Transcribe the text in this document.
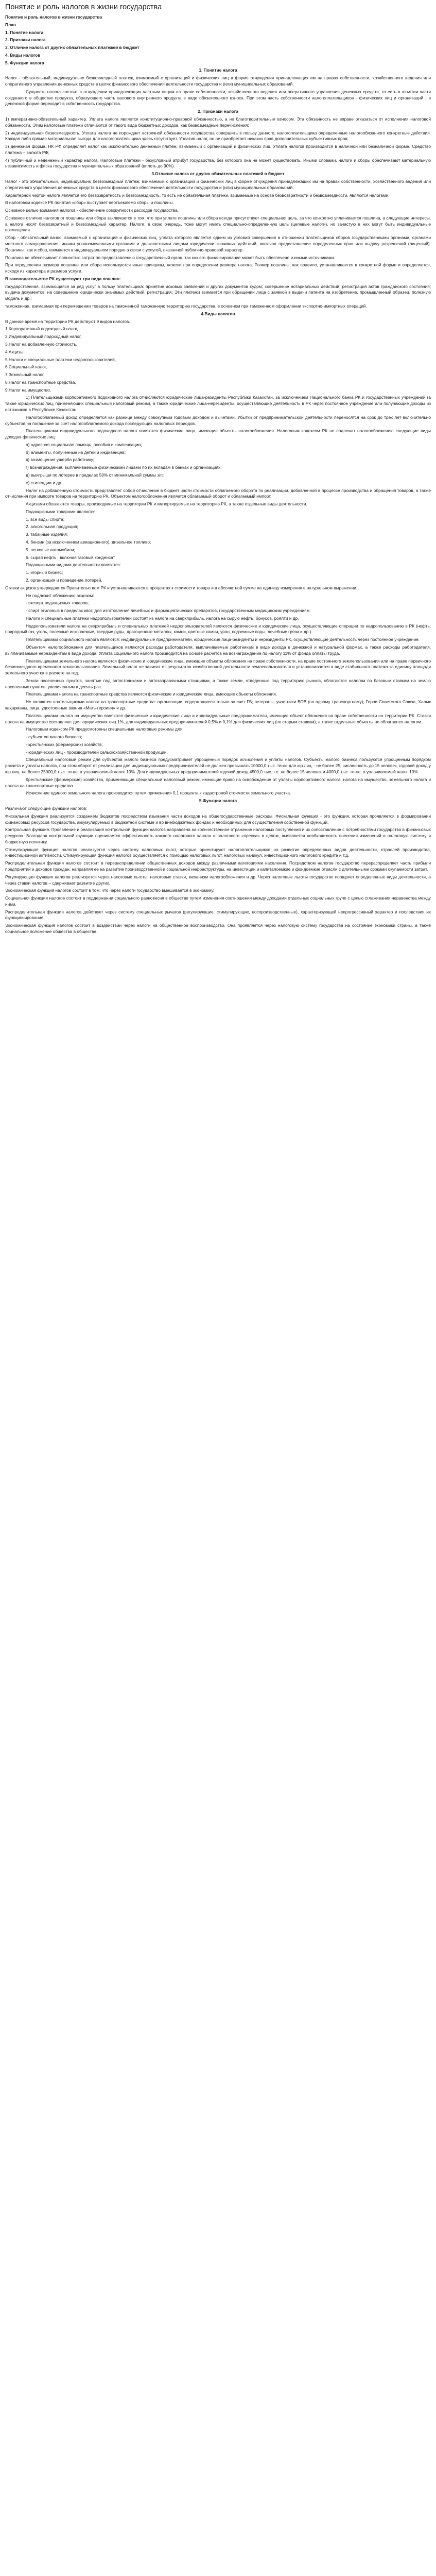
Понятие и роль налогов в жизни государства

Понятие и роль налогов в жизни государства

План

1. Понятие налога

2. Признаки налога

3. Отличие налога от других обязательных платежей в бюджет

4. Виды налогов

5. Функции налога

1. Понятие налога

Налог - обязательный, индивидуально безвозмездный платеж, взимаемый с организаций и физических лиц в форме отчуждения принадлежащих им на правах собственности, хозяйственного ведения или оперативного управления денежных средств в целях финансового обеспечения деятельности государства и (или) муниципальных образований.

Сущность налога состоит в отчуждении принадлежащих частным лицам на праве собственности, хозяйственного ведения или оперативного управления денежных средств, то есть в изъятии части созданного в обществе продукта, образующего часть валового внутреннего продукта в виде обязательного взноса. При этом часть собственности налогоплательщиков - физических лиц и организаций - в денежной форме переходит в собственность государства.

2. Признаки налога

1) императивно-обязательный характер. Уплата налога является конституционно-правовой обязанностью, а не благотворительным взносом. Эта обязанность не вправе отказаться от исполнения налоговой обязанности. Этим налоговые платежи отличаются от такого вида бюджетных доходов, как безвозмездные перечисления;

2) индивидуальная безвозмездность. Уплата налога не порождает встречной обязанности государства совершить в пользу данного, налогоплательщика определенные налогообязанного конкретные действия. Каждая либо прямая материальная выгода для налогоплательщика здесь отсутствует. Уплатив налог, он не приобретает никаких прав дополнительных субъективных прав;

3) денежная форма. НК РФ определяет налог как исключительно денежный платеж, взимаемый с организаций и физических лиц. Уплата налогов производится в наличной или безналичной форме. Средство платежа – валюта РФ;

4) публичный и неденежный характер налога. Налоговые платежи - безусловный атрибут государства, без которого она не может существовать. Иными словами, налоги и сборы обеспечивают материальную независимость и фиска государства и муниципальных образований (вплоть до 90%).

3.Отличие налога от других обязательных платежей в бюджет

Налог - это обязательный, индивидуально безвозмездный платеж, взимаемый с организаций и физических лиц в форме отчуждения принадлежащих им на правах собственности, хозяйственного ведения или оперативного управления денежных средств в целях финансового обеспечения деятельности государства и (или) муниципальных образований.

Характерной чертой налога является его безвозвратность и безвозмездность, то есть не обязательная платежи, взимаемые на основе безвозвратности и безвозмездности, являются налогами.

В налоговом кодексе РК понятия «сбор» выступает неотъемлемо сборы и пошлины.

Основное целью взимания налогов - обеспечение совокупности расходов государства.

Основное отличие налогов от пошлины или сбора заключается в том, что при уплате пошлины или сбора всегда присутствует специальная цель, за что конкретно уплачивается пошлина, а следующие интересы, а налога носят безвозвратный и безвозмездный характер. Налоги, в свою очередь, тоже могут иметь специально-определенную цель (целевые налоги), но зачастую в них могут быть индивидуальные возмещения.

Сбор - обязательный взнос, взимаемый с организаций и физических лиц, уплата которого является одним из условий совершения в отношении плательщиков сборов государственными органами, органами местного самоуправления, иными уполномоченными органами и должностными лицами юридически значимых действий, включая предоставление определенных прав или выдачу разрешений (лицензий). Пошлины, как и сбор, взимается в индивидуальном порядке а связи с услугой, оказанной публично-правовой характер.

Пошлина не обеспечивает полностью затрат по предоставлению государственный орган, так как его финансирование может быть обеспечено и иными источниками.

При определении размера пошлины или сбора используются иные принципы, нежели при определении размера налога. Размер пошлины, как правило, устанавливается в конкретной форме и определяется, исходя из характера и размера услуги.

В законодательстве РК существуют три вида пошлин:

государственная, взимающаяся за ряд услуг в пользу плательщика: принятие исковых заявлений и других документов судом; совершение нотариальных действий; регистрация актов гражданского состояния; выдача документов; на совершение юридически значимых действий; регистрация; Эти платежи взимается при обращении лица с заявкой в выдачи патента на изобретение, промышленный образец, полезную модель и др.;

таможенная, взимаемая при перемещении товаров на таможенной таможенную территорию государства, в основном при таможенном оформлении экспортно-импортных операций.

4.Виды налогов

В данное время на территории РК действуют 9 видов налогов.

1.Корпоративный подоходный налог,

2.Индивидуальный подоходный налог,

3.Налог на добавленную стоимость,

4.Акцизы,

5.Налоги и специальные платежи недропользователей,

6.Социальный налог,

7.Земельный налог,

8.Налог на транспортные средства,

9.Налог на имущество.

1) Плательщиками корпоративного подоходного налога отчисляются юридические лица-резиденты Республики Казахстан, за исключением Национального банка РК и государственных учреждений (а также юридических лиц, применяющих специальный налоговый режим), а также юридические лица-нерезиденты, осуществляющие деятельность в РК через постоянное учреждение или получающие доходы из источников в Республике Казахстан.

Налогооблагаемый доход определяется как разница между совокупным годовым доходом и вычетами. Убытки от предпринимательской деятельности переносятся на срок до трех лет включительно субъектов на погашение за счет налогооблагаемого дохода последующих налоговых периодов.

Плательщиками индивидуального подоходного налога являются физические лица, имеющие объекты налогообложения. Налоговым кодексом РК не подлежат налогообложению следующие виды доходов физических лиц:

а) адресная социальная помощь, пособия и компенсации;

б) алименты, полученные на детей и иждивенцев;

в) возмещение ущерба работнику;

г) вознаграждения, выплачиваемые физическими лицами по их вкладам в банках и организациях;

д) выигрыши по лотерее в пределах 50% от минимальной суммы з/п;

е) стипендии и др.

Налог на добавленную стоимость представляет собой отчисление в бюджет части стоимости облагаемого оборота по реализации, добавленной в процессе производства и обращения товаров, а также отчисления при импорте товаров на территорию РК. Объектом налогообложения является облагаемый оборот и облагаемый импорт.

Акцизами облагаются товары, производимые на территории РК и импортируемые на территорию РК, а также отдельные виды деятельности.

Подакцизными товарами являются:

1. все виды спирта;

2. алкогольная продукция;

3. табачные изделия;

4. бензин (за исключением авиационного), дизельное топливо;

5. легковые автомобили;

6. сырая нефть , включая газовый конденсат.

Подакцизными видами деятельности являются:

1. игорный бизнес;

2. организация и проведение лотерей.

Ставки акцизов утверждаются Правительством РК и устанавливаются в процентах к стоимости товара и в абсолютной сумме на единицу измерения в натуральном выражении.

Не подлежит обложению акцизом:

- экспорт подакцизных товаров;

- спирт этиловый в пределах квот, для изготовления лечебных и фармацевтических препаратов, государственным медицинским учреждениям.

Налоги и специальные платежи недропользователей состоят из налога на сверхприбыль, налога на сырую нефть, бонусов, роялти и др.

Недропользователи налога на сверхприбыль и специальных платежей недропользователей являются физические и юридические лица, осуществляющие операции по недропользованию в РК (нефть, природный газ, уголь, полезные ископаемые, твердые руды, драгоценные металлы, камни, цветные камни, уран, подземные воды, лечебные грязи и др.).

Плательщиками социального налога являются: индивидуальные предприниматели, юридические лица-резиденты и нерезиденты РК, осуществляющие деятельность через постоянное учреждение.

Объектом налогообложения для плательщиков являются расходы работодателя, выплачиваемые работникам в виде дохода в денежной и натуральной формах, а также расходы работодателя, выплачиваемые нерезидентам в виде дохода. Уплата социального налога производится на основе расчетов на вознаграждение по налогу 11% от фонда оплаты труда.

Плательщиками земельного налога являются физические и юридические лица, имеющие объекты обложения на праве собственности, на праве постоянного землепользования или на праве первичного безвозмездного временного землепользования. Земельный налог не зависит от результатов хозяйственной деятельности землепользователя и устанавливается в виде стабильного платежа за единицу площади земельного участка в расчете на год.

Земли населенных пунктов, занятые под автостоянками и автозаправочными станциями, а также земли, отведенные под территорию рынков, облагаются налогом по базовым ставкам на землю населенных пунктов, увеличенным в десять раз.

Плательщиками налога на транспортные средства являются физические и юридические лица, имеющие объекты обложения.

Не являются плательщиками налога на транспортные средства: организации, содержащиеся только за счет ГБ; ветераны, участники ВОВ (по одному транспортному); Герои Советского Союза, Халык каҳарманы, лица, удостоенные звания «Мать-героиня» и др.

Плательщиками налога на имущество являются физические и юридические лица и индивидуальные предприниматели, имеющие объект обложения на праве собственности на территории РК. Ставки налога на имущество составляют для юридических лиц 1%, для индивидуальных предпринимателей 0,5% и 0,1% для физических лиц (по старым ставкам), а также отдельные объекты не облагаются налогом.

Налоговым кодексом РК предусмотрены специальные налоговые режимы для:

- субъектов малого бизнеса;

- крестьянских (фермерских) хозяйств;

- юридических лиц - производителей сельскохозяйственной продукции.

Специальный налоговый режим для субъектов малого бизнеса предусматривает упрощенный порядок исчисления и уплаты налогов. Субъекты малого бизнеса пользуются упрощенным порядком расчета и уплаты налогов, при этом оборот от реализации для индивидуальных предпринимателей не должен превышать 10000,0 тыс. тенге для юр.лиц, - не более 25, численность до 15 человек, годовой доход у юр.лиц- не более 25000,0 тыс. тенге, а уплачиваемый налог 10%. Для индивидуальных предпринимателей годовой доход 4500,0 тыс. т.е. не более 15 человек и 4000,0 тыс. тенге, а уплачиваемый налог 10%.

Крестьянские (фермерские) хозяйства, применяющие специальный налоговый режим, имеющие право на освобождение от уплаты корпоративного налога, налога на имущество, земельного налога и налога на транспортные средства.

Исчисление единого земельного налога производится путем применения 0,1 процента к кадастровой стоимости земельного участка.

5.Функции налога

Различают следующие функции налогов:

Фискальная функция реализуется созданием бюджетов посредством изымания части доходов на общегосударственные расходы. Фискальная функция - это функция, которая проявляется в формировании финансовых ресурсов государства, аккумулируемых в бюджетной системе и во внебюджетных фондах и необходимых для осуществления собственной функций.

Контрольная функция. Проявление и реализация контрольной функции налогов направлена на количественное отражение налоговых поступлений и их сопоставление с потребностями государства в финансовых ресурсах. Благодаря контрольной функции оценивается эффективность каждого налогового канала и налогового «пресса» в целом, выявляется необходимость внесения изменений в налоговую систему и бюджетную политику.

Стимулирующая функция налогов реализуется через систему налоговых льгот, которые ориентируют налогоплательщиков на развитие определенных видов деятельности, отраслей производства, инвестиционной активности. Стимулирующая функция налогов осуществляется с помощью налоговых льгот, налоговых каникул, инвестиционного налогового кредита и т.д.

Распределительная функция налогов состоит в перераспределении общественных доходов между различными категориями населения. Посредством налогов государство перераспределяет часть прибыли предприятий и доходов граждан, направляя ее на развитие производственной и социальной инфраструктуры, на инвестиции и капиталоемкие и фондоемкие отрасли с длительными сроками окупаемости затрат.

Регулирующая функция налогов реализуется через налоговые льготы, налоговые ставки, механизм налогообложения и др. Через налоговые льготы государство поощряет определенные виды деятельности, а через ставки налогов – сдерживает развитие других.

Экономическая функция налогов состоит в том, что через налоги государство вмешивается в экономику.

Социальная функция налогов состоит в поддержании социального равновесия в обществе путем изменения соотношения между доходами отдельных социальных групп с целью сглаживания неравенства между ними.

Распределительная функция налогов действует через систему специальных рычагов (регулирующие, стимулирующие, воспроизводственные), характеризующей непрогрессивный характер и последствия их функционирования.

Экономическая функция налогов состоит в воздействии через налоги на общественное воспроизводство. Она проявляется через налоговую систему государства на состояние экономики страны, а также социальное положение общества в обществе.
